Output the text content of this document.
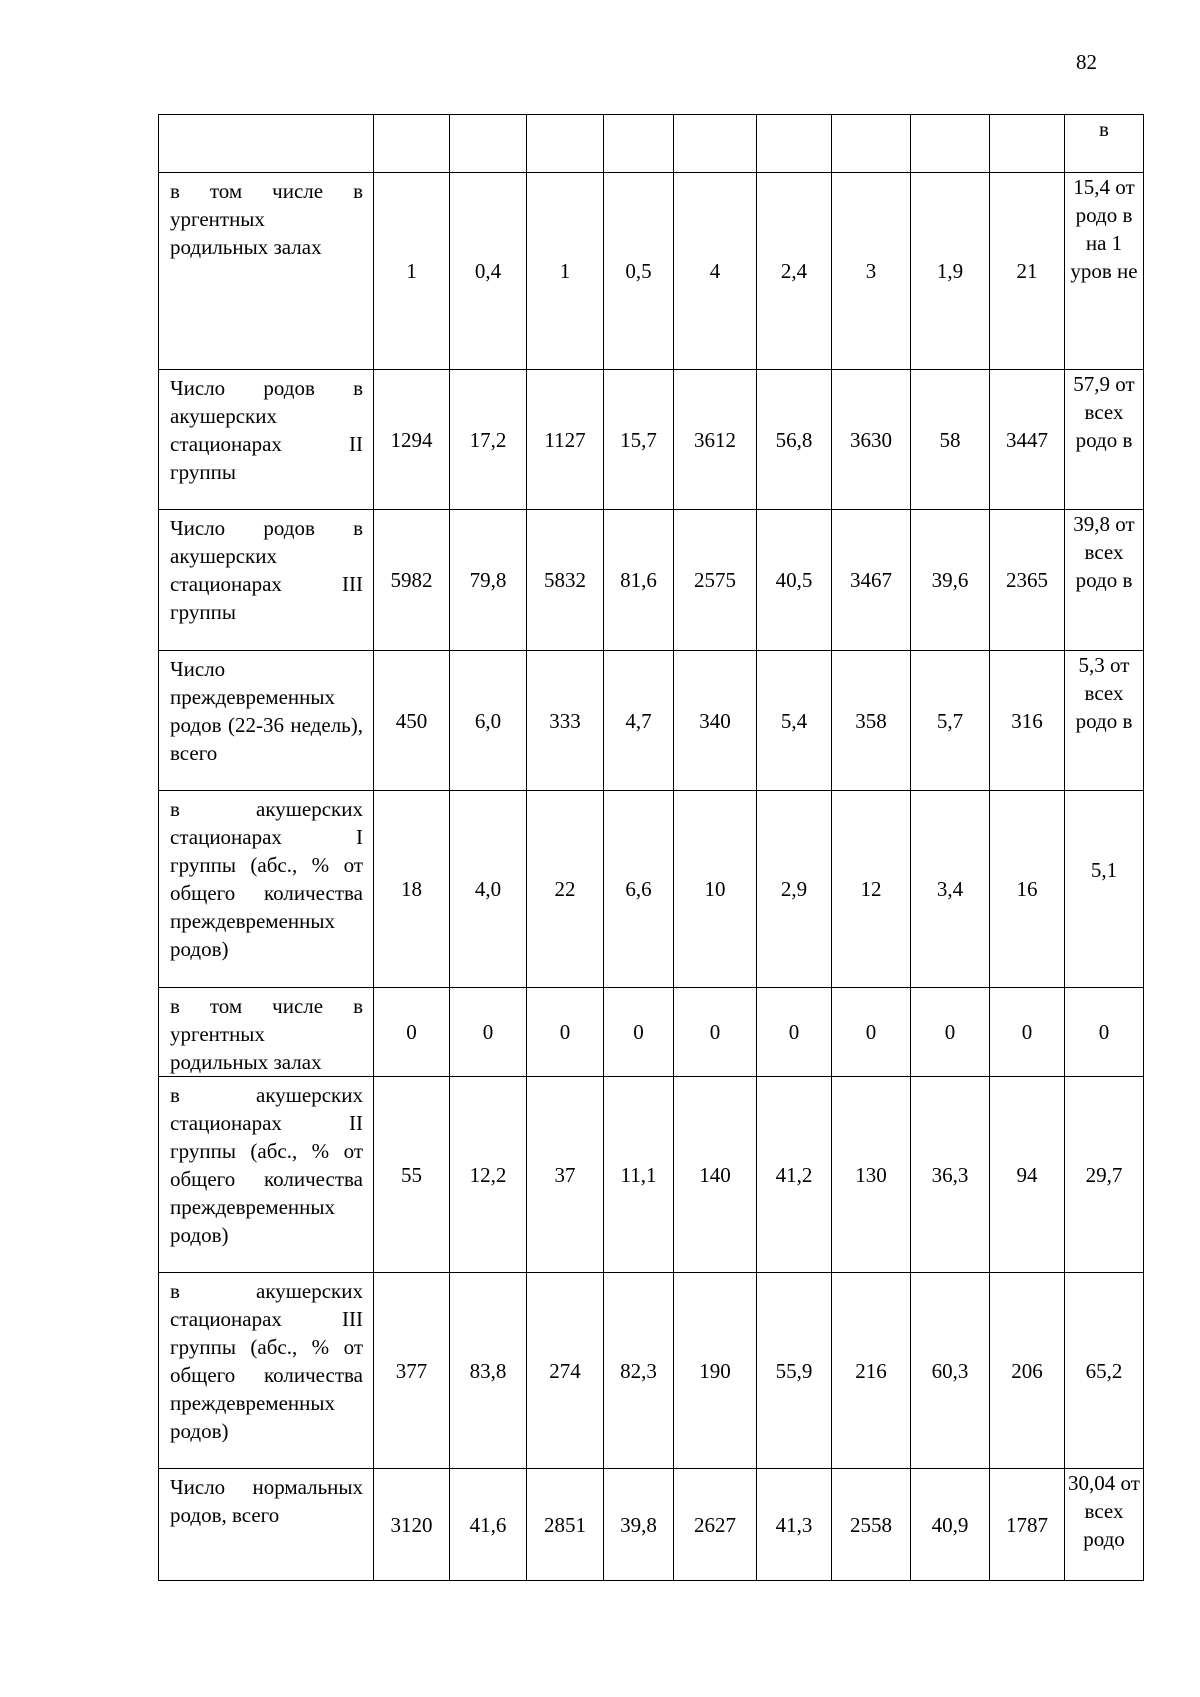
82
										в
в том числе в ургентных родильных залах	1	0,4	1	0,5	4	2,4	3	1,9	21	15,4 от родо в на 1 уров не
Число родов в акушерских стационарах II группы	1294	17,2	1127	15,7	3612	56,8	3630	58	3447	57,9 от всех родо в
Число родов в акушерских стационарах III группы	5982	79,8	5832	81,6	2575	40,5	3467	39,6	2365	39,8 от всех родо в
Число преждевременных родов (22-36 недель), всего	450	6,0	333	4,7	340	5,4	358	5,7	316	5,3 от всех родо в
в акушерских стационарах I группы (абс., % от общего количества преждевременных родов)	18	4,0	22	6,6	10	2,9	12	3,4	16	5,1
в том числе в ургентных родильных залах	0	0	0	0	0	0	0	0	0	0
в акушерских стационарах II группы (абс., % от общего количества преждевременных родов)	55	12,2	37	11,1	140	41,2	130	36,3	94	29,7
в акушерских стационарах III группы (абс., % от общего количества преждевременных родов)	377	83,8	274	82,3	190	55,9	216	60,3	206	65,2
Число нормальных родов, всего	3120	41,6	2851	39,8	2627	41,3	2558	40,9	1787	30,04 от всех родо
